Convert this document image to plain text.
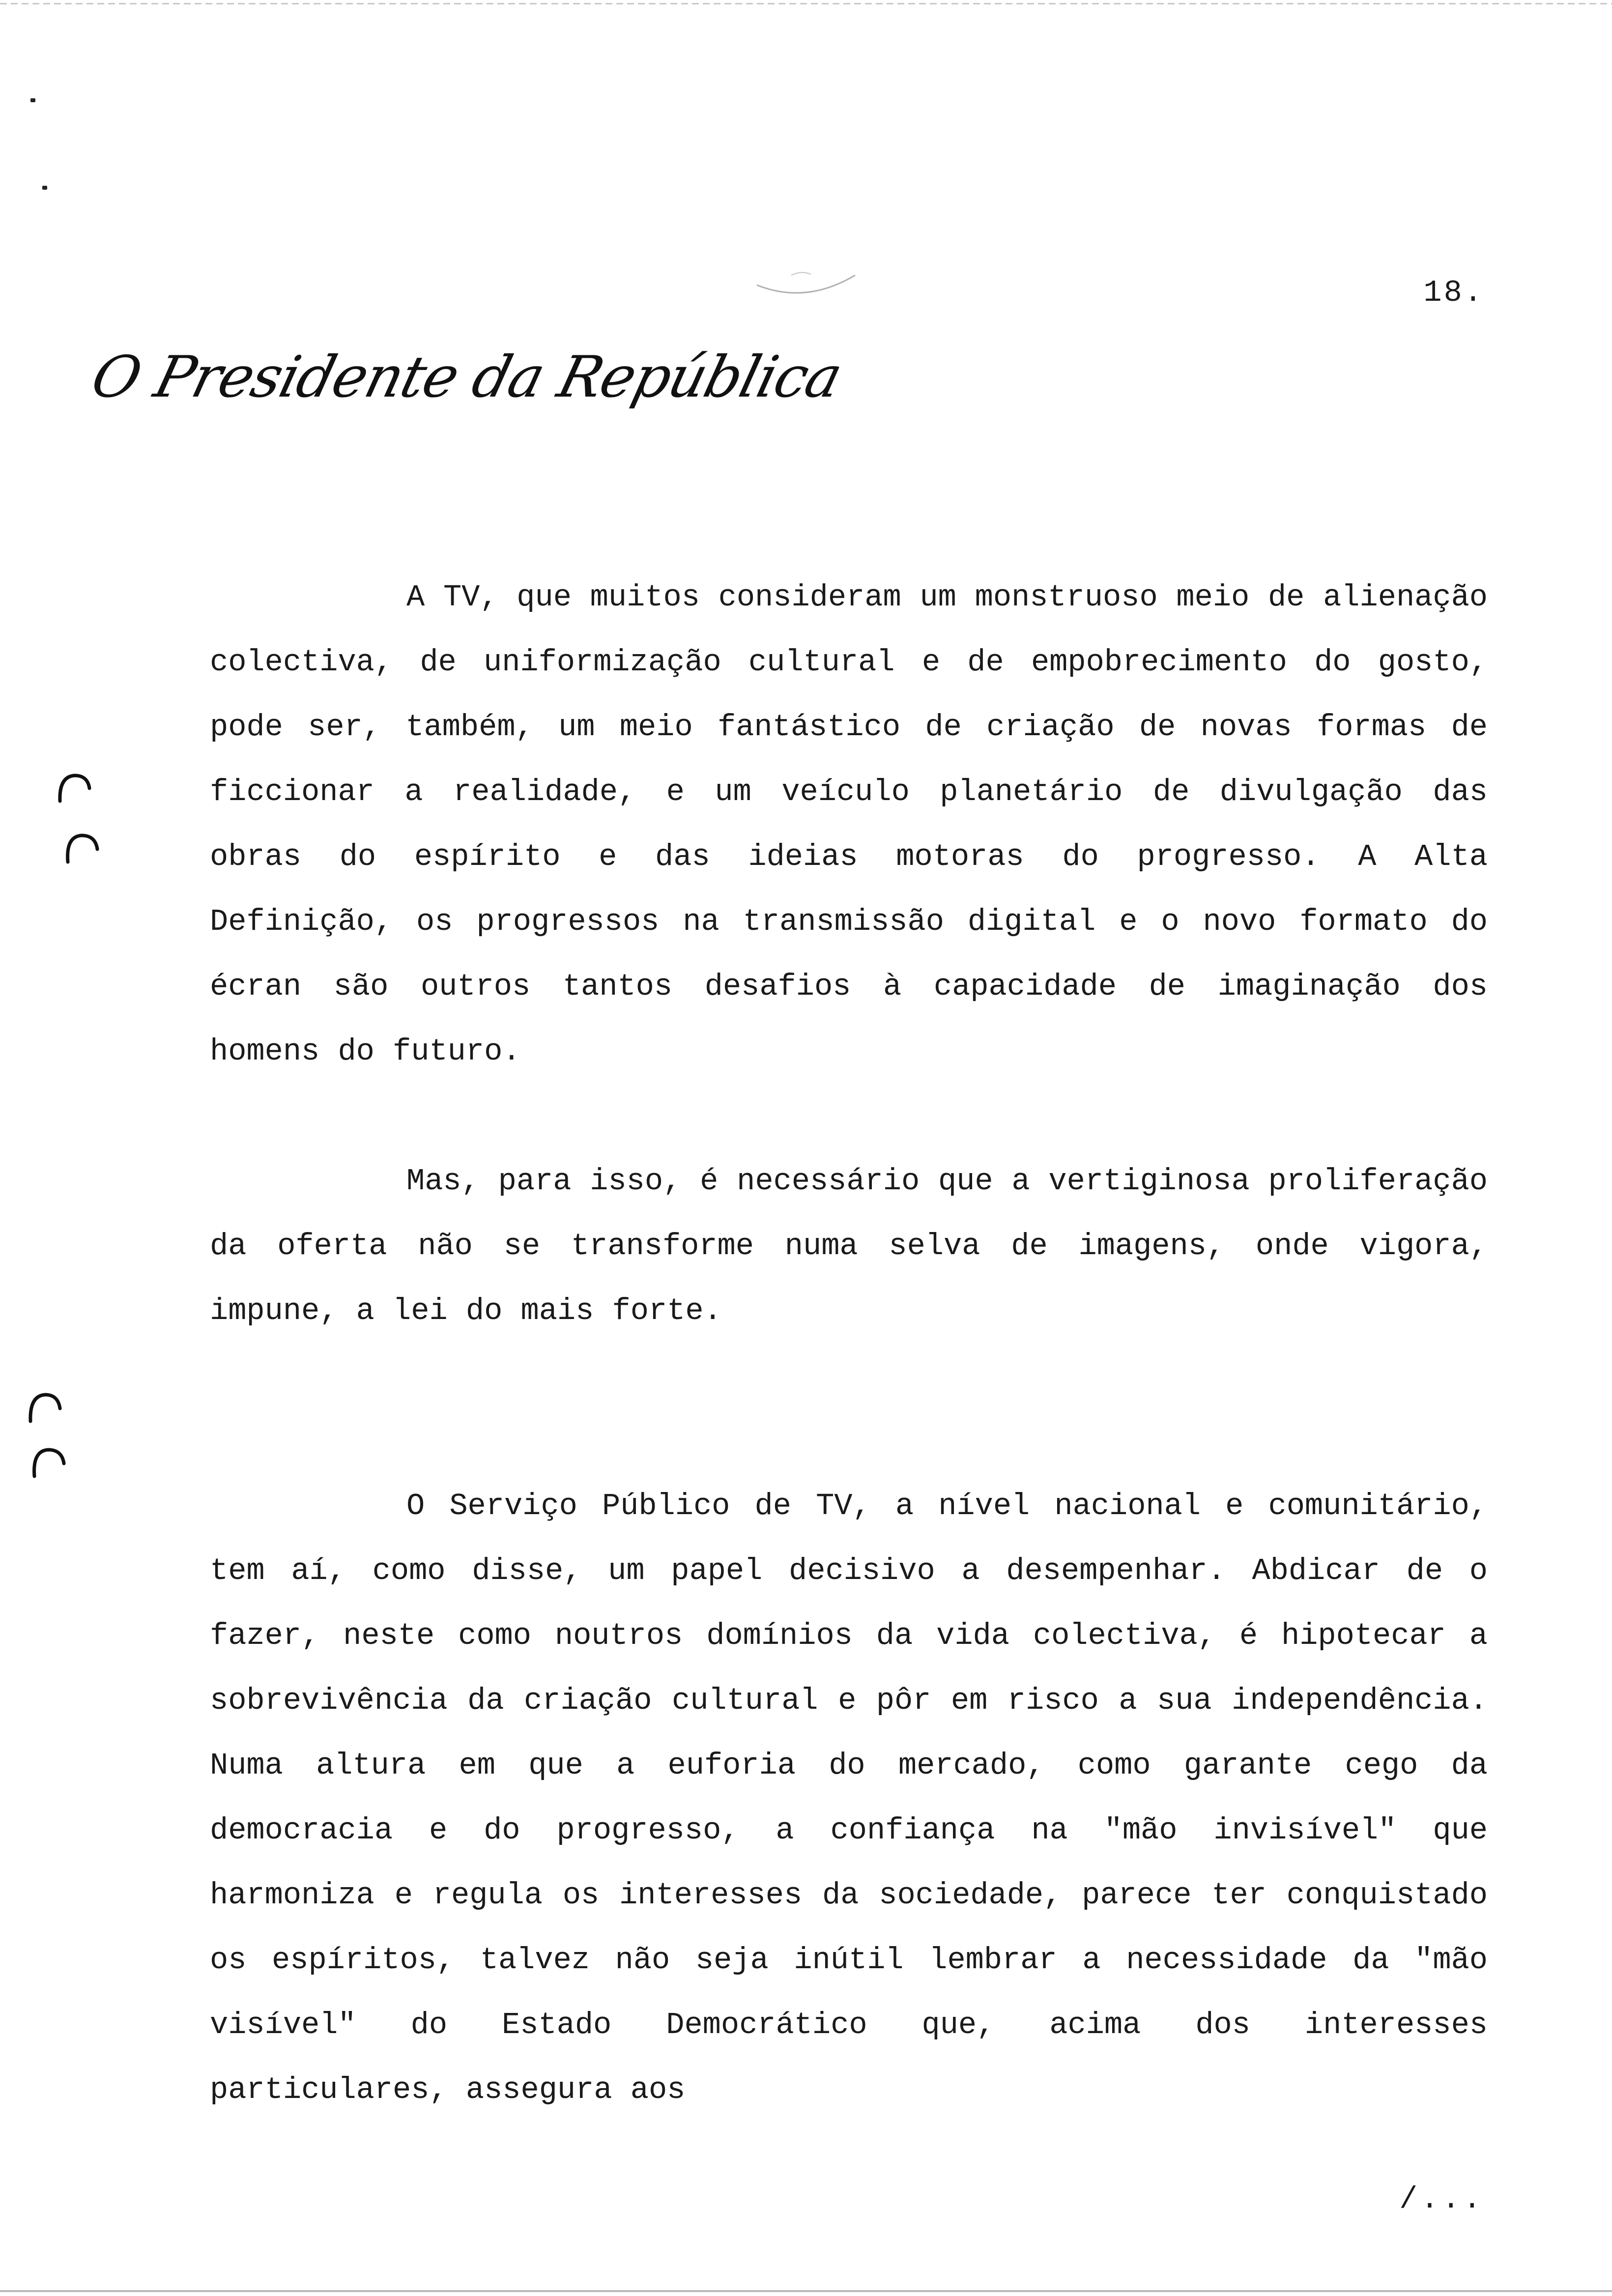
18.
O Presidente da República

A TV, que muitos consideram um monstruoso meio de alienação colectiva, de uniformização cultural e de empobrecimento do gosto, pode ser, também, um meio fantástico de criação de novas formas de ficcionar a realidade, e um veículo planetário de divulgação das obras do espírito e das ideias motoras do progresso. A Alta Definição, os progressos na transmissão digital e o novo formato do écran são outros tantos desafios à capacidade de imaginação dos homens do futuro.

Mas, para isso, é necessário que a vertiginosa proliferação da oferta não se transforme numa selva de imagens, onde vigora, impune, a lei do mais forte.

O Serviço Público de TV, a nível nacional e comunitário, tem aí, como disse, um papel decisivo a desempenhar. Abdicar de o fazer, neste como noutros domínios da vida colectiva, é hipotecar a sobrevivência da criação cultural e pôr em risco a sua independência. Numa altura em que a euforia do mercado, como garante cego da democracia e do progresso, a confiança na "mão invisível" que harmoniza e regula os interesses da sociedade, parece ter conquistado os espíritos, talvez não seja inútil lembrar a necessidade da "mão visível" do Estado Democrático que, acima dos interesses particulares, assegura aos

/...
